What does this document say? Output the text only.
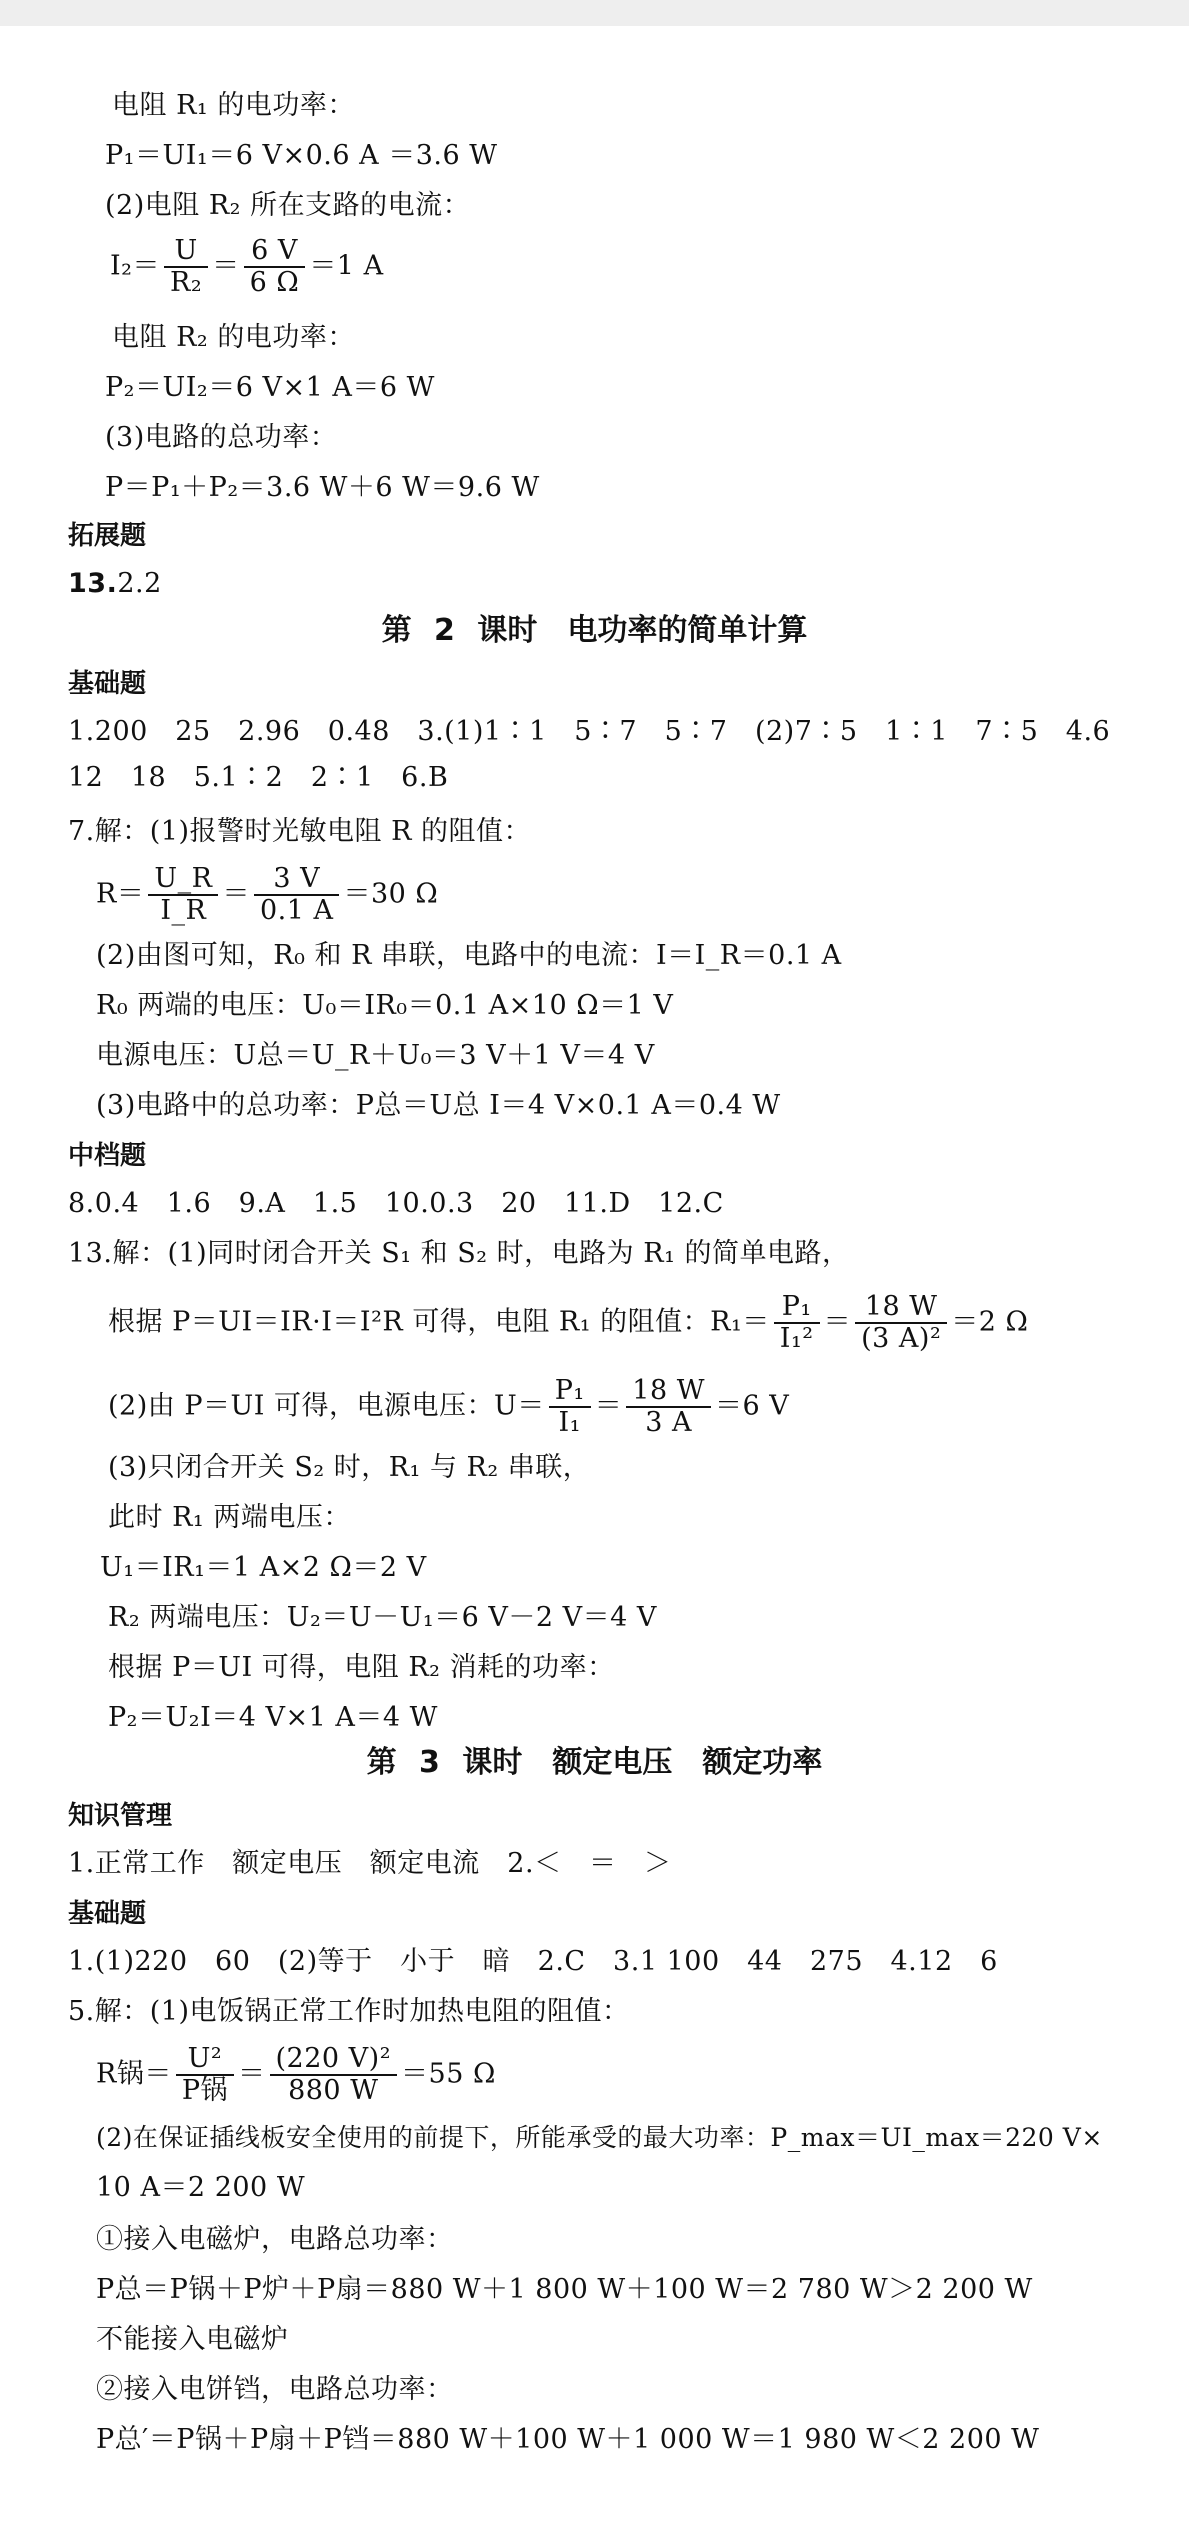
电阻 R₁ 的电功率：
P₁＝UI₁＝6 V×0.6 A ＝3.6 W
(2)电阻 R₂ 所在支路的电流：
$I_2= \frac{U}{\text{R₂}} = \frac{6 V}{6 \Omega} =1$ A
电阻 R₂ 的电功率：
P₂＝UI₂＝6 V×1 A＝6 W
(3)电路的总功率：
P＝P₁＋P₂＝3.6 W＋6 W＝9.6 W
拓展题
13.2.2
第 2 课时　电功率的简单计算
基础题
1.200　25　2.96　0.48　3.(1)1∶1　5∶7　5∶7　(2)7∶5　1∶1　7∶5　4.6
12　18　5.1∶2　2∶1　6.B
7.解：(1)报警时光敏电阻 R 的阻值：
$R= \frac{U\_R}{I\_R} = \frac{3 V}{0.1 A} =30$ Ω
(2)由图可知，R₀ 和 R 串联，电路中的电流：I＝I_R＝0.1 A
R₀ 两端的电压：U₀＝IR₀＝0.1 A×10 Ω＝1 V
电源电压：U总＝U_R＋U₀＝3 V＋1 V＝4 V
(3)电路中的总功率：P总＝U总 I＝4 V×0.1 A＝0.4 W
中档题
8.0.4　1.6　9.A　1.5　10.0.3　20　11.D　12.C
13.解：(1)同时闭合开关 S₁ 和 S₂ 时，电路为 R₁ 的简单电路，
根据 P＝UI＝IR·I＝I²R 可得，电阻 R₁ 的阻值：$R_1= \frac{\text{P₁}}{\text{I₁²}} = \frac{18 W}{\text{(3 A)²}} =2$ Ω
(2)由 P＝UI 可得，电源电压：$U= \frac{\text{P₁}}{\text{I₁}} = \frac{18 W}{3 A} =6$ V
(3)只闭合开关 S₂ 时，R₁ 与 R₂ 串联，
此时 R₁ 两端电压：
U₁＝IR₁＝1 A×2 Ω＝2 V
R₂ 两端电压：U₂＝U－U₁＝6 V－2 V＝4 V
根据 P＝UI 可得，电阻 R₂ 消耗的功率：
P₂＝U₂I＝4 V×1 A＝4 W
第 3 课时　额定电压　额定功率
知识管理
1.正常工作　额定电压　额定电流　2.＜　＝　＞
基础题
1.(1)220　60　(2)等于　小于　暗　2.C　3.1 100　44　275　4.12　6
5.解：(1)电饭锅正常工作时加热电阻的阻值：
R锅＝ $\frac{\text{U²}}{\text{P锅}} = \frac{\text{(220 V)²}}{880 W} =55$ Ω
(2)在保证插线板安全使用的前提下，所能承受的最大功率：P_max＝UI_max＝220 V×
10 A＝2 200 W
①接入电磁炉，电路总功率：
P总＝P锅＋P炉＋P扇＝880 W＋1 800 W＋100 W＝2 780 W＞2 200 W
不能接入电磁炉
②接入电饼铛，电路总功率：
P总′＝P锅＋P扇＋P铛＝880 W＋100 W＋1 000 W＝1 980 W＜2 200 W
